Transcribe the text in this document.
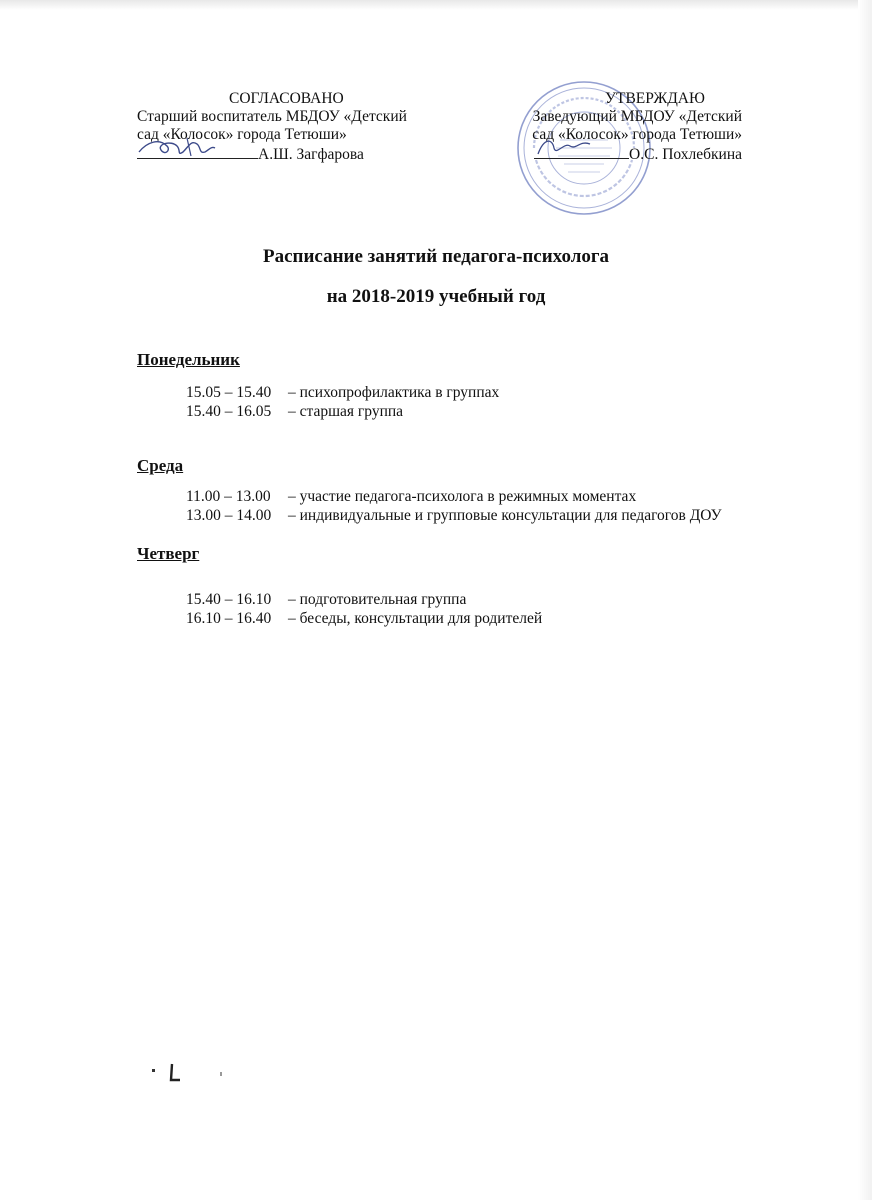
СОГЛАСОВАНО
Старший воспитатель МБДОУ «Детский
сад «Колосок» города Тетюши»
А.Ш. Загфарова
УТВЕРЖДАЮ
Заведующий МБДОУ «Детский
сад «Колосок» города Тетюши»
О.С. Похлебкина
Расписание занятий педагога-психолога
на 2018-2019 учебный год
Понедельник
15.05 – 15.40 – психопрофилактика в группах
15.40 – 16.05 – старшая группа
Среда
11.00 – 13.00 – участие педагога-психолога в режимных моментах
13.00 – 14.00 – индивидуальные и групповые консультации для педагогов ДОУ
Четверг
15.40 – 16.10 – подготовительная группа
16.10 – 16.40 – беседы, консультации для родителей
